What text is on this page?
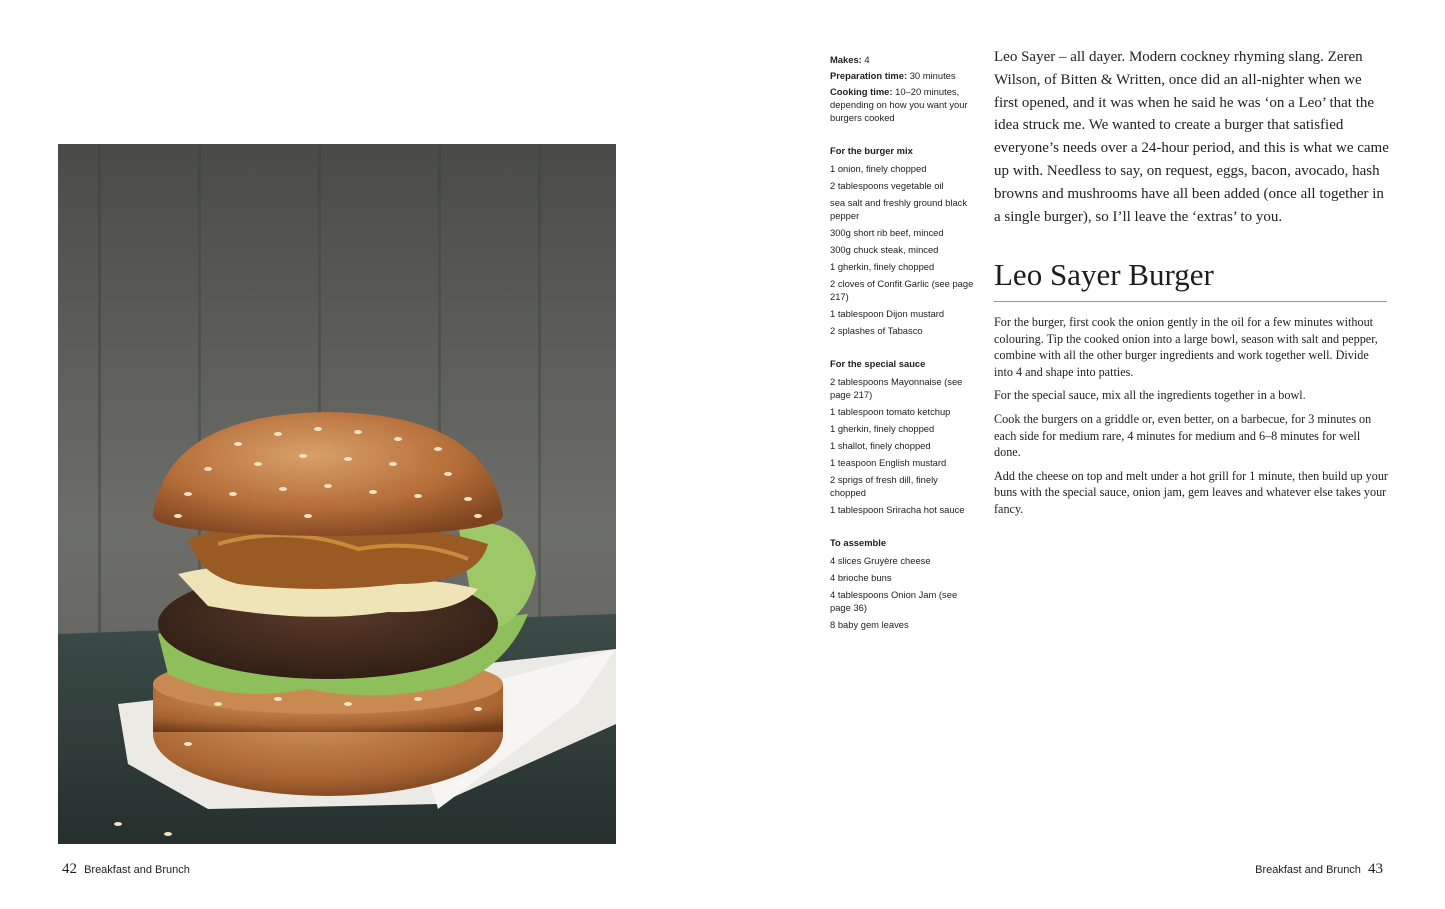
42 Breakfast and Brunch	Breakfast and Brunch 43
Makes: 4
Preparation time: 30 minutes
Cooking time: 10–20 minutes, depending on how you want your burgers cooked
For the burger mix
1 onion, finely chopped
2 tablespoons vegetable oil
sea salt and freshly ground black pepper
300g short rib beef, minced
300g chuck steak, minced
1 gherkin, finely chopped
2 cloves of Confit Garlic (see page 217)
1 tablespoon Dijon mustard
2 splashes of Tabasco
For the special sauce
2 tablespoons Mayonnaise (see page 217)
1 tablespoon tomato ketchup
1 gherkin, finely chopped
1 shallot, finely chopped
1 teaspoon English mustard
2 sprigs of fresh dill, finely chopped
1 tablespoon Sriracha hot sauce
To assemble
4 slices Gruyère cheese
4 brioche buns
4 tablespoons Onion Jam (see page 36)
8 baby gem leaves

Leo Sayer – all dayer. Modern cockney rhyming slang. Zeren Wilson, of Bitten & Written, once did an all-nighter when we first opened, and it was when he said he was ‘on a Leo’ that the idea struck me. We wanted to create a burger that satisfied everyone’s needs over a 24-hour period, and this is what we came up with. Needless to say, on request, eggs, bacon, avocado, hash browns and mushrooms have all been added (once all together in a single burger), so I’ll leave the ‘extras’ to you.

Leo Sayer Burger

For the burger, first cook the onion gently in the oil for a few minutes without colouring. Tip the cooked onion into a large bowl, season with salt and pepper, combine with all the other burger ingredients and work together well. Divide into 4 and shape into patties.

For the special sauce, mix all the ingredients together in a bowl.

Cook the burgers on a griddle or, even better, on a barbecue, for 3 minutes on each side for medium rare, 4 minutes for medium and 6–8 minutes for well done.

Add the cheese on top and melt under a hot grill for 1 minute, then build up your buns with the special sauce, onion jam, gem leaves and whatever else takes your fancy.
